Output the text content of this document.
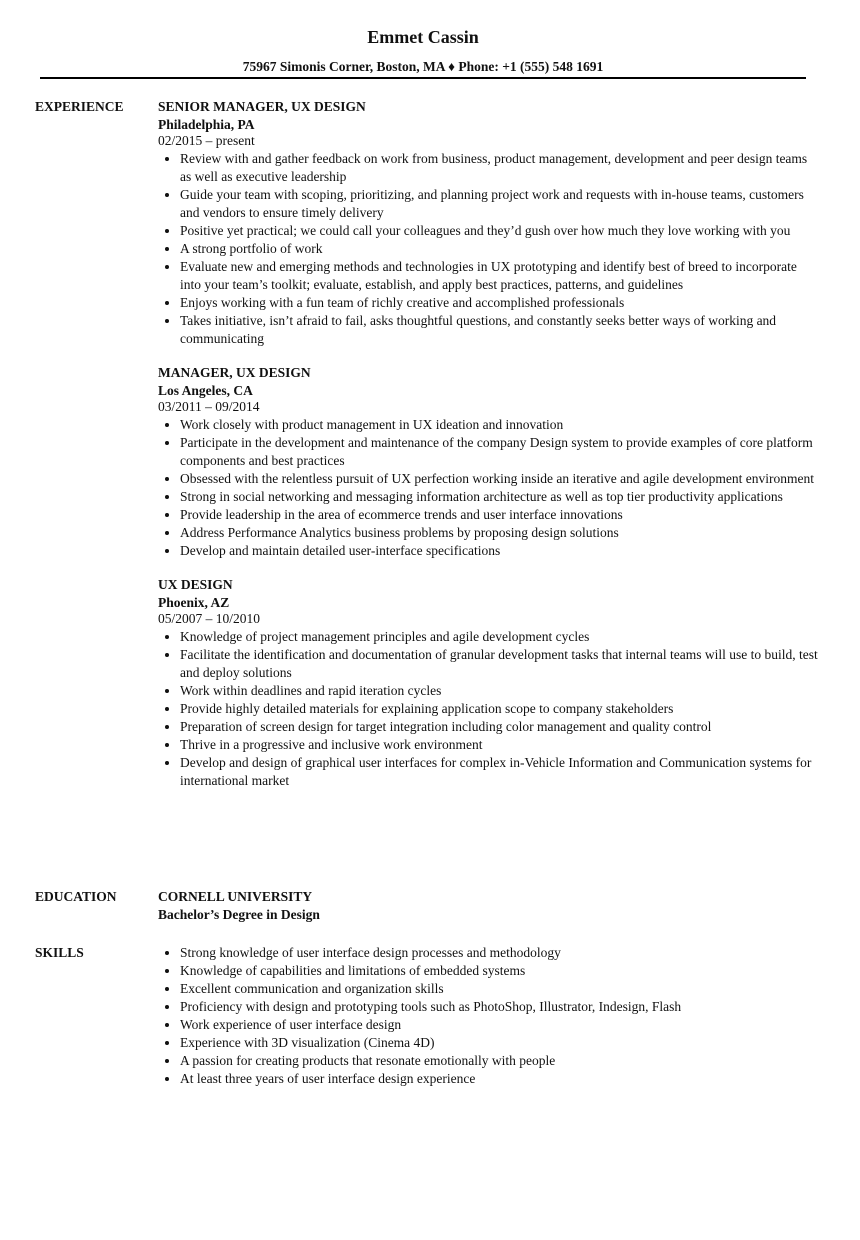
Emmet Cassin
75967 Simonis Corner, Boston, MA ♦ Phone: +1 (555) 548 1691
EXPERIENCE	SENIOR MANAGER, UX DESIGN
Philadelphia, PA
02/2015 – present
Review with and gather feedback on work from business, product management, development and peer design teams as well as executive leadership
Guide your team with scoping, prioritizing, and planning project work and requests with in-house teams, customers and vendors to ensure timely delivery
Positive yet practical; we could call your colleagues and they’d gush over how much they love working with you
A strong portfolio of work
Evaluate new and emerging methods and technologies in UX prototyping and identify best of breed to incorporate into your team’s toolkit; evaluate, establish, and apply best practices, patterns, and guidelines
Enjoys working with a fun team of richly creative and accomplished professionals
Takes initiative, isn’t afraid to fail, asks thoughtful questions, and constantly seeks better ways of working and communicating
MANAGER, UX DESIGN
Los Angeles, CA
03/2011 – 09/2014
Work closely with product management in UX ideation and innovation
Participate in the development and maintenance of the company Design system to provide examples of core platform components and best practices
Obsessed with the relentless pursuit of UX perfection working inside an iterative and agile development environment
Strong in social networking and messaging information architecture as well as top tier productivity applications
Provide leadership in the area of ecommerce trends and user interface innovations
Address Performance Analytics business problems by proposing design solutions
Develop and maintain detailed user-interface specifications
UX DESIGN
Phoenix, AZ
05/2007 – 10/2010
Knowledge of project management principles and agile development cycles
Facilitate the identification and documentation of granular development tasks that internal teams will use to build, test and deploy solutions
Work within deadlines and rapid iteration cycles
Provide highly detailed materials for explaining application scope to company stakeholders
Preparation of screen design for target integration including color management and quality control
Thrive in a progressive and inclusive work environment
Develop and design of graphical user interfaces for complex in-Vehicle Information and Communication systems for international market
EDUCATION	CORNELL UNIVERSITY
Bachelor’s Degree in Design
SKILLS	Strong knowledge of user interface design processes and methodology
Knowledge of capabilities and limitations of embedded systems
Excellent communication and organization skills
Proficiency with design and prototyping tools such as PhotoShop, Illustrator, Indesign, Flash
Work experience of user interface design
Experience with 3D visualization (Cinema 4D)
A passion for creating products that resonate emotionally with people
At least three years of user interface design experience
